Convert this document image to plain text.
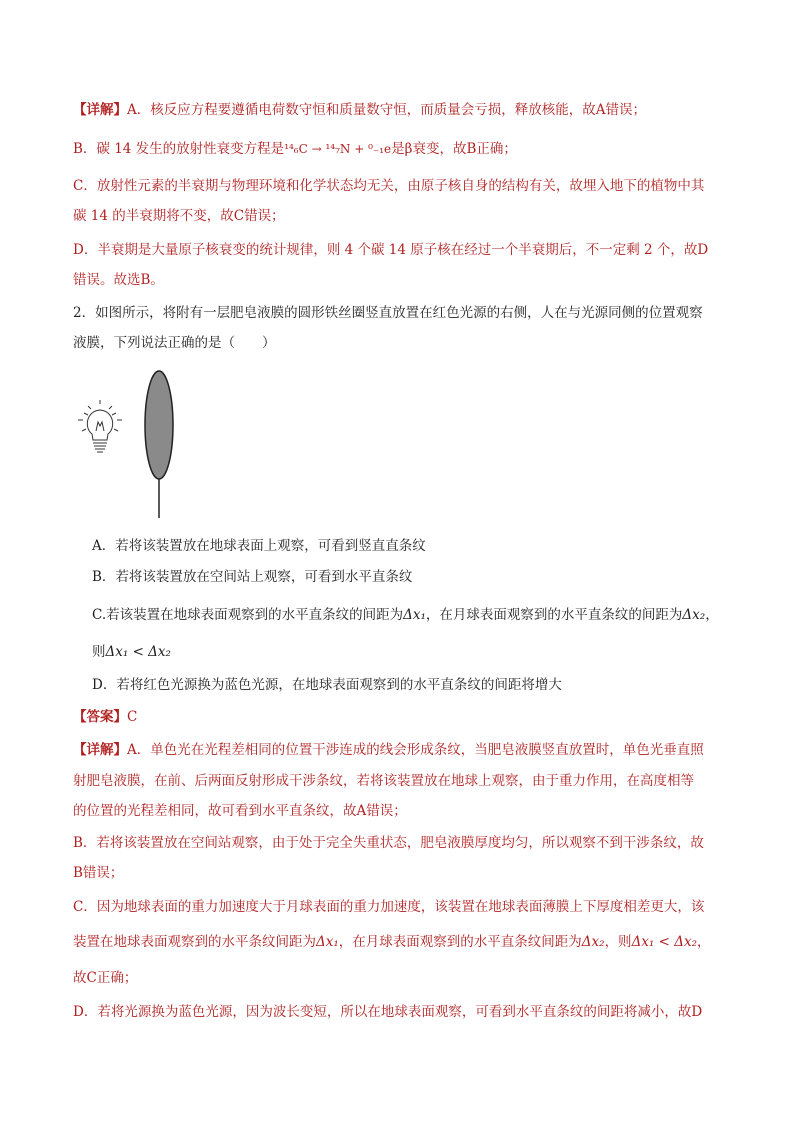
【详解】A．核反应方程要遵循电荷数守恒和质量数守恒，而质量会亏损，释放核能，故A错误；
B．碳 14 发生的放射性衰变方程是¹⁴₆C → ¹⁴₇N + ⁰₋₁e是β衰变，故B正确；
C．放射性元素的半衰期与物理环境和化学状态均无关，由原子核自身的结构有关，故埋入地下的植物中其
碳 14 的半衰期将不变，故C错误；
D．半衰期是大量原子核衰变的统计规律，则 4 个碳 14 原子核在经过一个半衰期后，不一定剩 2 个，故D
错误。故选B。
2．如图所示，将附有一层肥皂液膜的圆形铁丝圈竖直放置在红色光源的右侧，人在与光源同侧的位置观察
液膜，下列说法正确的是（　　）
A．若将该装置放在地球表面上观察，可看到竖直直条纹
B．若将该装置放在空间站上观察，可看到水平直条纹
C.若该装置在地球表面观察到的水平直条纹的间距为Δx₁，在月球表面观察到的水平直条纹的间距为Δx₂，
则Δx₁ < Δx₂
D．若将红色光源换为蓝色光源，在地球表面观察到的水平直条纹的间距将增大
【答案】C
【详解】A．单色光在光程差相同的位置干涉连成的线会形成条纹，当肥皂液膜竖直放置时，单色光垂直照
射肥皂液膜，在前、后两面反射形成干涉条纹，若将该装置放在地球上观察，由于重力作用，在高度相等
的位置的光程差相同，故可看到水平直条纹，故A错误；
B．若将该装置放在空间站观察，由于处于完全失重状态，肥皂液膜厚度均匀，所以观察不到干涉条纹，故
B错误；
C．因为地球表面的重力加速度大于月球表面的重力加速度，该装置在地球表面薄膜上下厚度相差更大，该
装置在地球表面观察到的水平条纹间距为Δx₁，在月球表面观察到的水平直条纹间距为Δx₂，则Δx₁ < Δx₂，
故C正确；
D．若将光源换为蓝色光源，因为波长变短，所以在地球表面观察，可看到水平直条纹的间距将减小，故D
